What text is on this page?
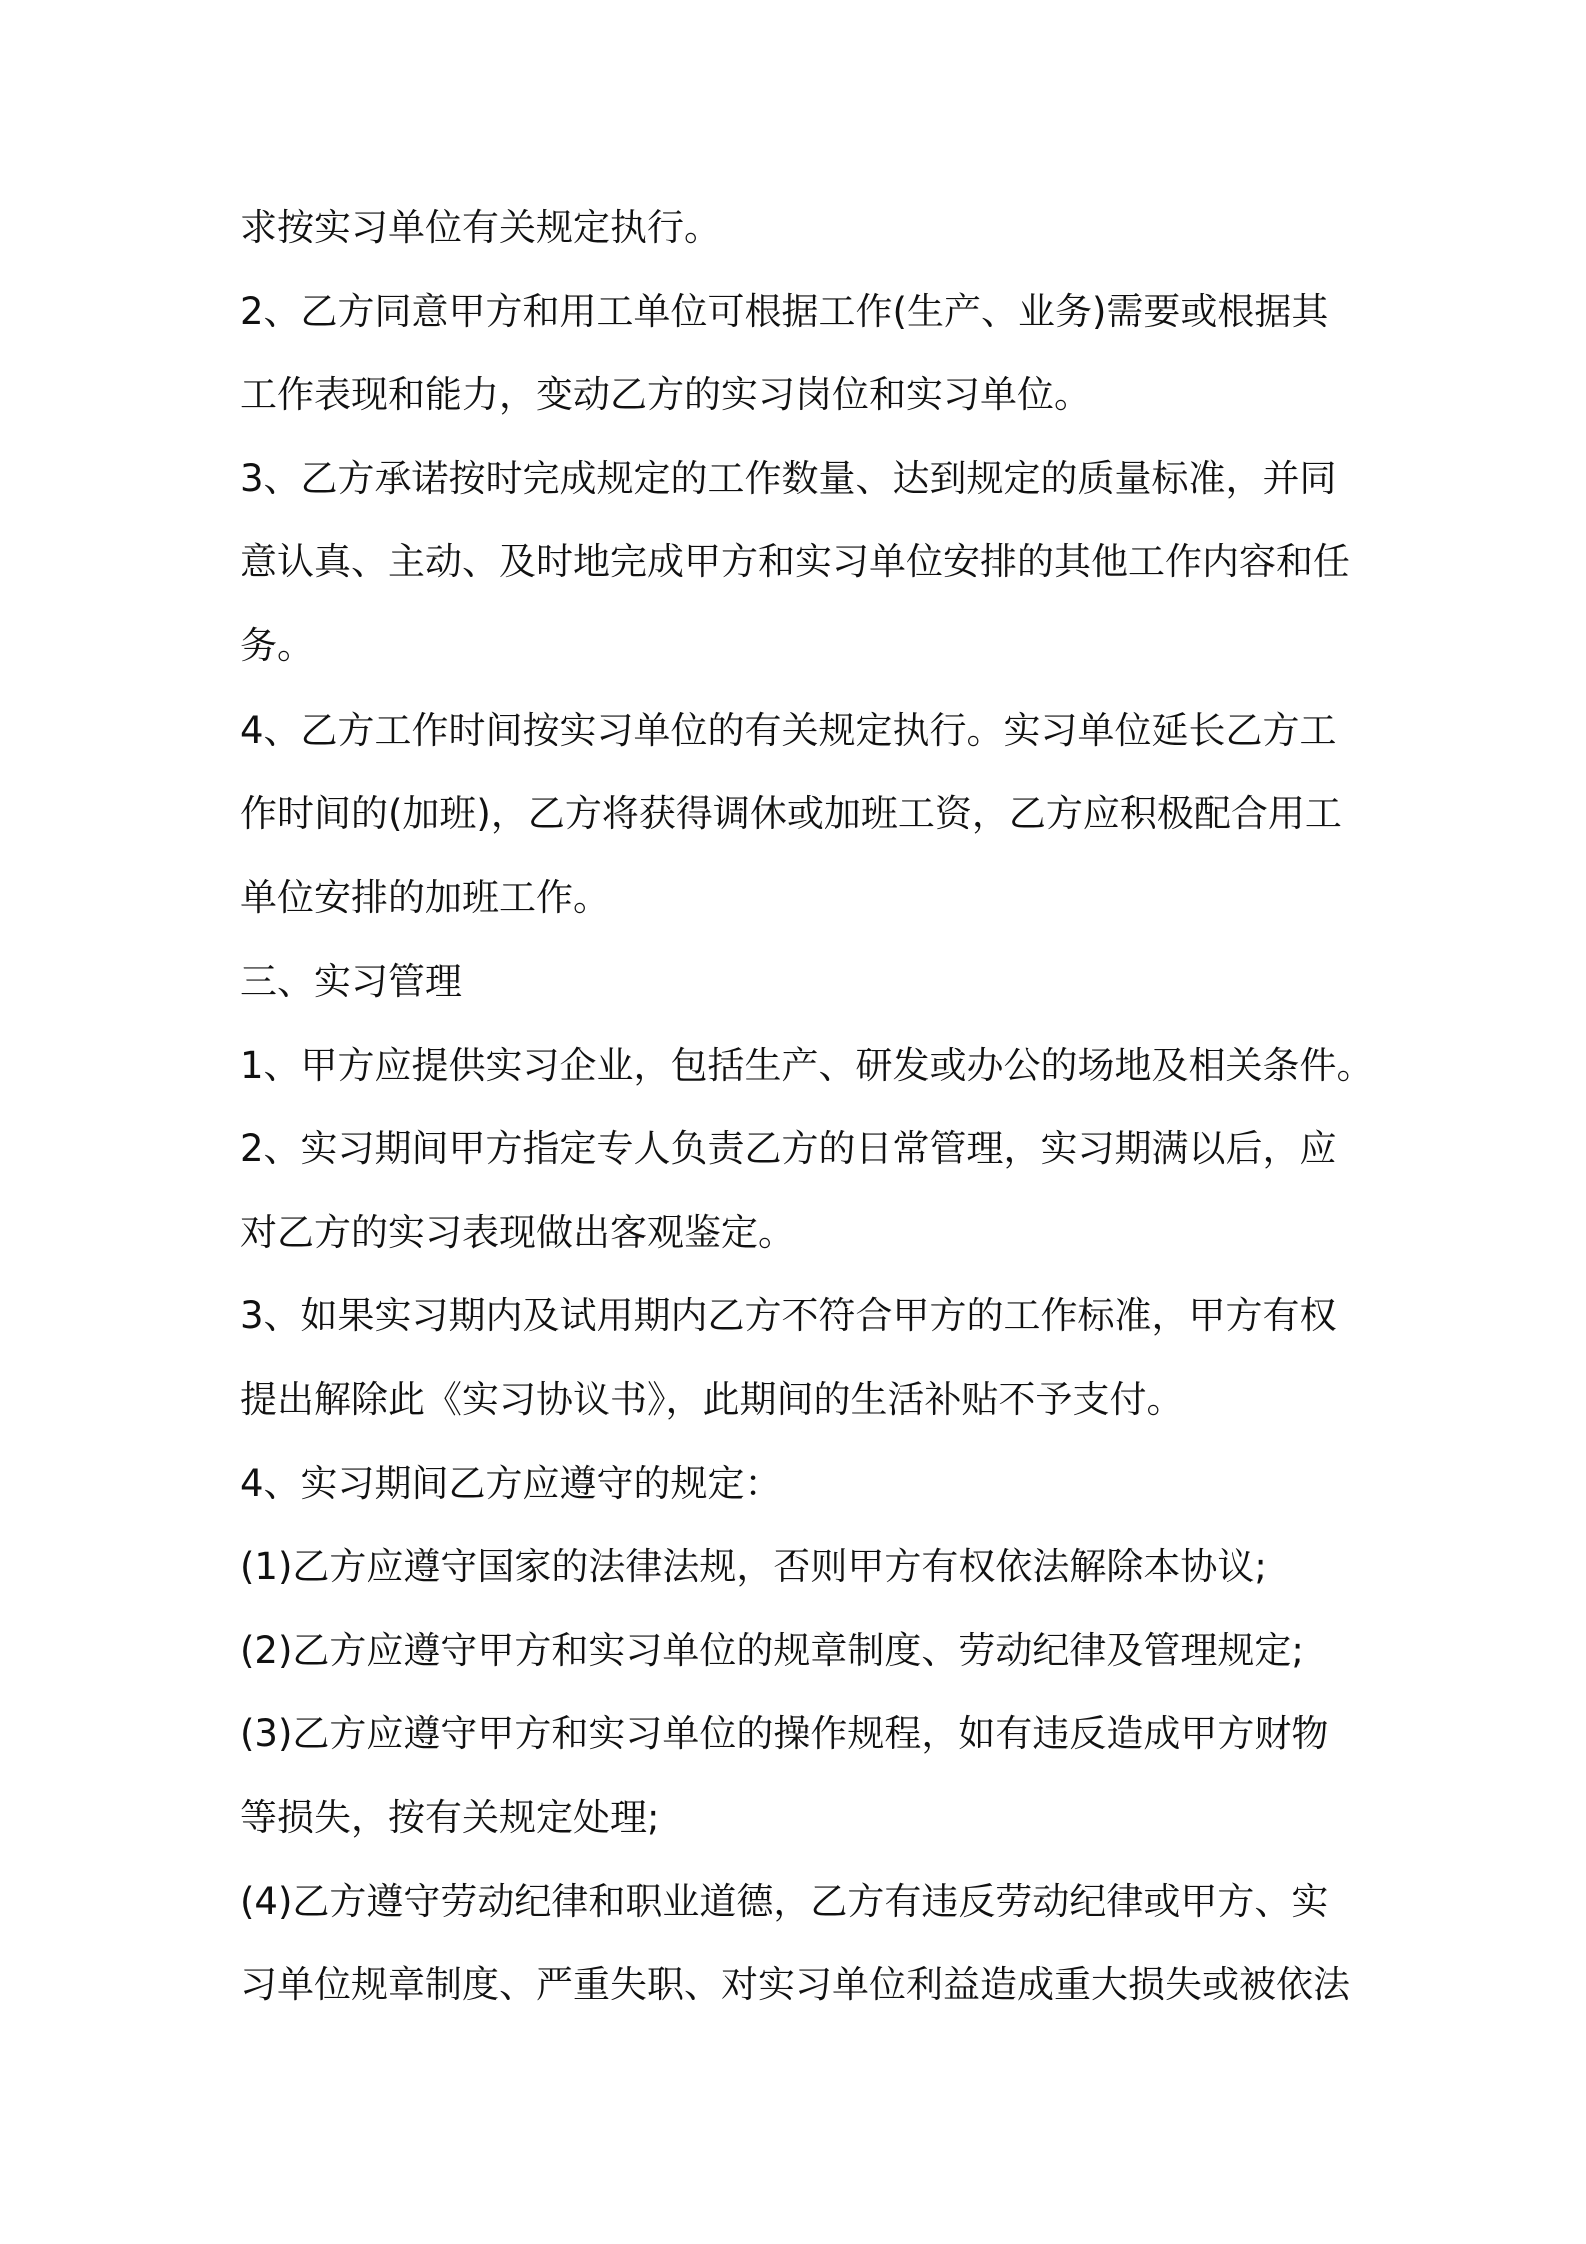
求按实习单位有关规定执行。
2、乙方同意甲方和用工单位可根据工作(生产、业务)需要或根据其
工作表现和能力，变动乙方的实习岗位和实习单位。
3、乙方承诺按时完成规定的工作数量、达到规定的质量标准，并同
意认真、主动、及时地完成甲方和实习单位安排的其他工作内容和任
务。
4、乙方工作时间按实习单位的有关规定执行。实习单位延长乙方工
作时间的(加班)，乙方将获得调休或加班工资，乙方应积极配合用工
单位安排的加班工作。
三、实习管理
1、甲方应提供实习企业，包括生产、研发或办公的场地及相关条件。
2、实习期间甲方指定专人负责乙方的日常管理，实习期满以后，应
对乙方的实习表现做出客观鉴定。
3、如果实习期内及试用期内乙方不符合甲方的工作标准，甲方有权
提出解除此《实习协议书》，此期间的生活补贴不予支付。
4、实习期间乙方应遵守的规定：
(1)乙方应遵守国家的法律法规，否则甲方有权依法解除本协议;
(2)乙方应遵守甲方和实习单位的规章制度、劳动纪律及管理规定;
(3)乙方应遵守甲方和实习单位的操作规程，如有违反造成甲方财物
等损失，按有关规定处理;
(4)乙方遵守劳动纪律和职业道德，乙方有违反劳动纪律或甲方、实
习单位规章制度、严重失职、对实习单位利益造成重大损失或被依法
